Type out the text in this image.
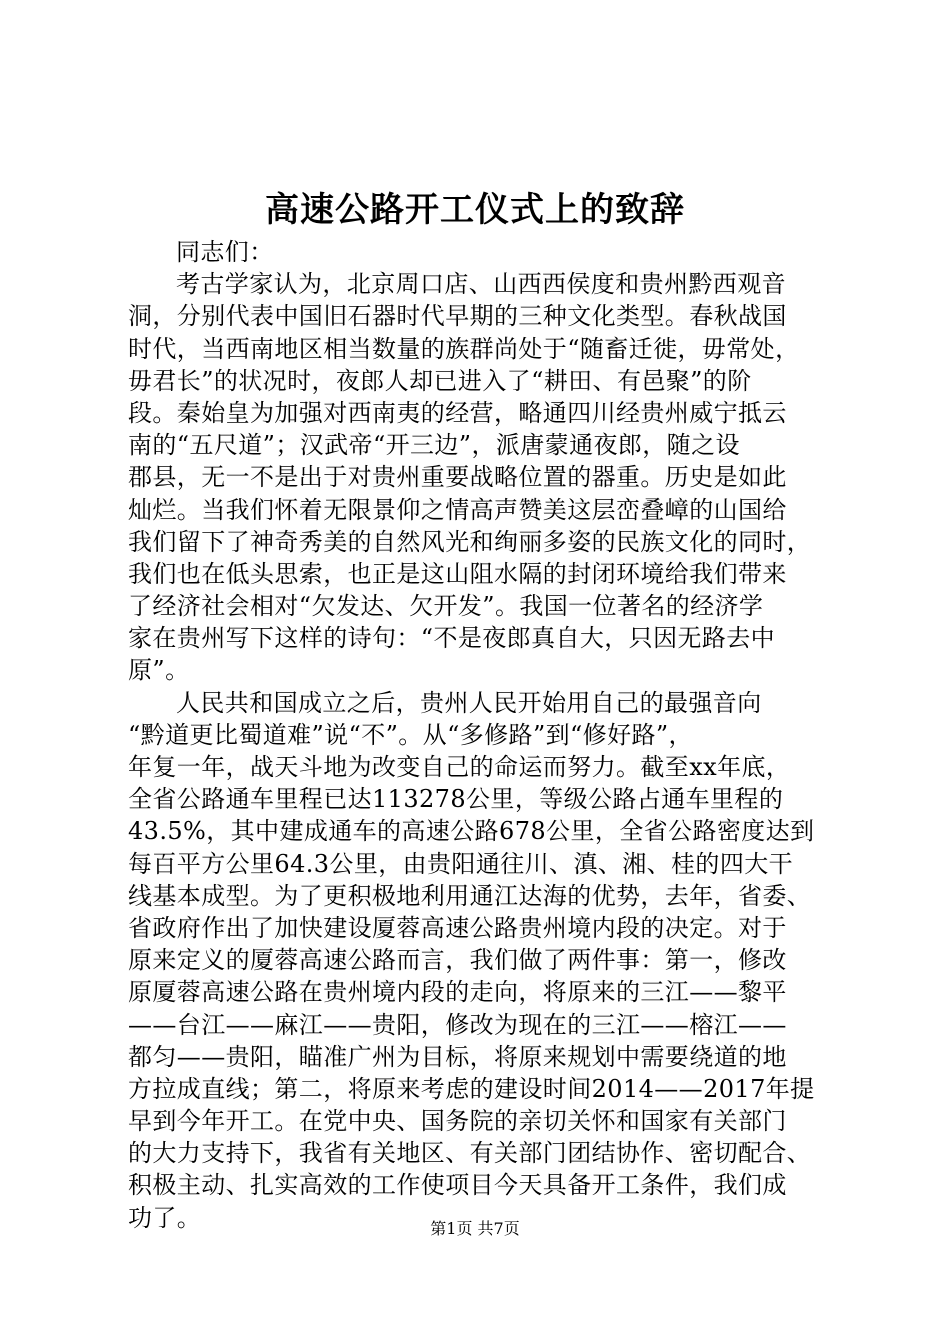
高速公路开工仪式上的致辞
同志们：
考古学家认为，北京周口店、山西西侯度和贵州黔西观音
洞，分别代表中国旧石器时代早期的三种文化类型。春秋战国
时代，当西南地区相当数量的族群尚处于“随畜迁徙，毋常处，
毋君长”的状况时，夜郎人却已进入了“耕田、有邑聚”的阶
段。秦始皇为加强对西南夷的经营，略通四川经贵州威宁抵云
南的“五尺道”；汉武帝“开三边”，派唐蒙通夜郎，随之设
郡县，无一不是出于对贵州重要战略位置的器重。历史是如此
灿烂。当我们怀着无限景仰之情高声赞美这层峦叠嶂的山国给
我们留下了神奇秀美的自然风光和绚丽多姿的民族文化的同时，
我们也在低头思索，也正是这山阻水隔的封闭环境给我们带来
了经济社会相对“欠发达、欠开发”。我国一位著名的经济学
家在贵州写下这样的诗句：“不是夜郎真自大，只因无路去中
原”。
人民共和国成立之后，贵州人民开始用自己的最强音向
“黔道更比蜀道难”说“不”。从“多修路”到“修好路”，
年复一年，战天斗地为改变自己的命运而努力。截至xx年底，
全省公路通车里程已达113278公里，等级公路占通车里程的
43.5%，其中建成通车的高速公路678公里，全省公路密度达到
每百平方公里64.3公里，由贵阳通往川、滇、湘、桂的四大干
线基本成型。为了更积极地利用通江达海的优势，去年，省委、
省政府作出了加快建设厦蓉高速公路贵州境内段的决定。对于
原来定义的厦蓉高速公路而言，我们做了两件事：第一，修改
原厦蓉高速公路在贵州境内段的走向，将原来的三江——黎平
——台江——麻江——贵阳，修改为现在的三江——榕江——
都匀——贵阳，瞄准广州为目标，将原来规划中需要绕道的地
方拉成直线；第二，将原来考虑的建设时间2014——2017年提
早到今年开工。在党中央、国务院的亲切关怀和国家有关部门
的大力支持下，我省有关地区、有关部门团结协作、密切配合、
积极主动、扎实高效的工作使项目今天具备开工条件，我们成
功了。	第1页 共7页
